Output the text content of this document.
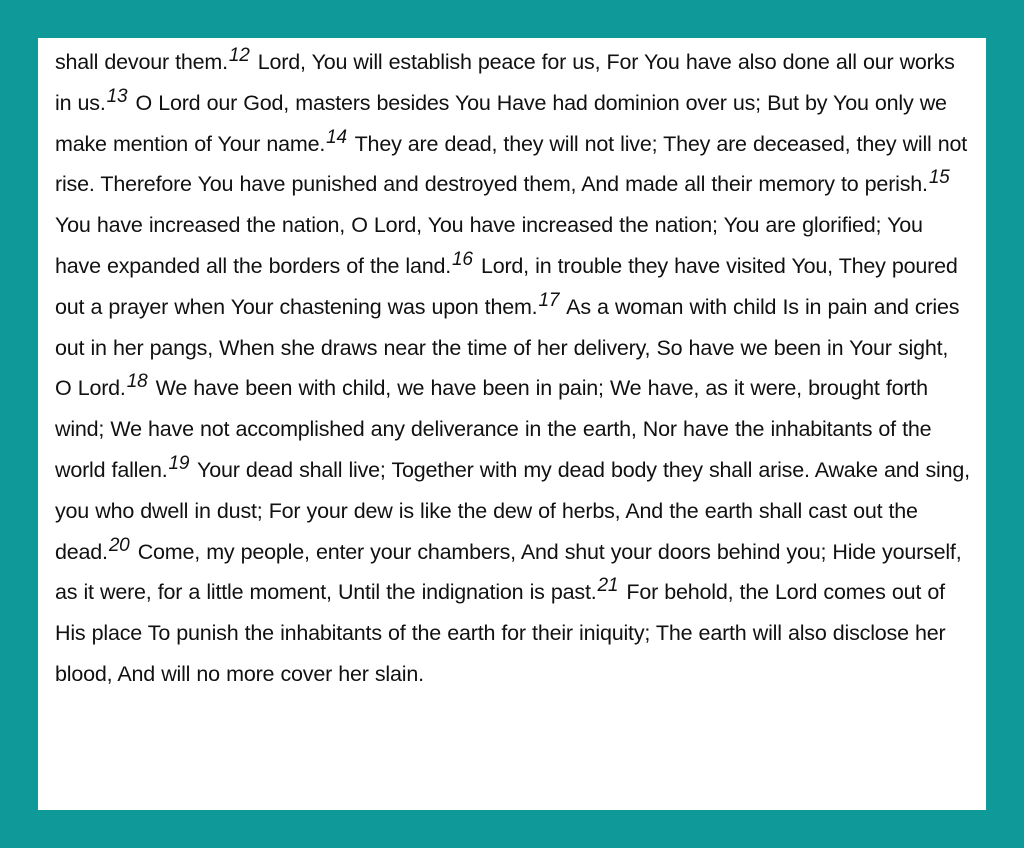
shall devour them.$^{12}$ Lord, You will establish peace for us, For You have also done all our works in us.$^{13}$ O Lord our God, masters besides You Have had dominion over us; But by You only we make mention of Your name.$^{14}$ They are dead, they will not live; They are deceased, they will not rise. Therefore You have punished and destroyed them, And made all their memory to perish.$^{15}$ You have increased the nation, O Lord, You have increased the nation; You are glorified; You have expanded all the borders of the land.$^{16}$ Lord, in trouble they have visited You, They poured out a prayer when Your chastening was upon them.$^{17}$ As a woman with child Is in pain and cries out in her pangs, When she draws near the time of her delivery, So have we been in Your sight, O Lord.$^{18}$ We have been with child, we have been in pain; We have, as it were, brought forth wind; We have not accomplished any deliverance in the earth, Nor have the inhabitants of the world fallen.$^{19}$ Your dead shall live; Together with my dead body they shall arise. Awake and sing, you who dwell in dust; For your dew is like the dew of herbs, And the earth shall cast out the dead.$^{20}$ Come, my people, enter your chambers, And shut your doors behind you; Hide yourself, as it were, for a little moment, Until the indignation is past.$^{21}$ For behold, the Lord comes out of His place To punish the inhabitants of the earth for their iniquity; The earth will also disclose her blood, And will no more cover her slain.
